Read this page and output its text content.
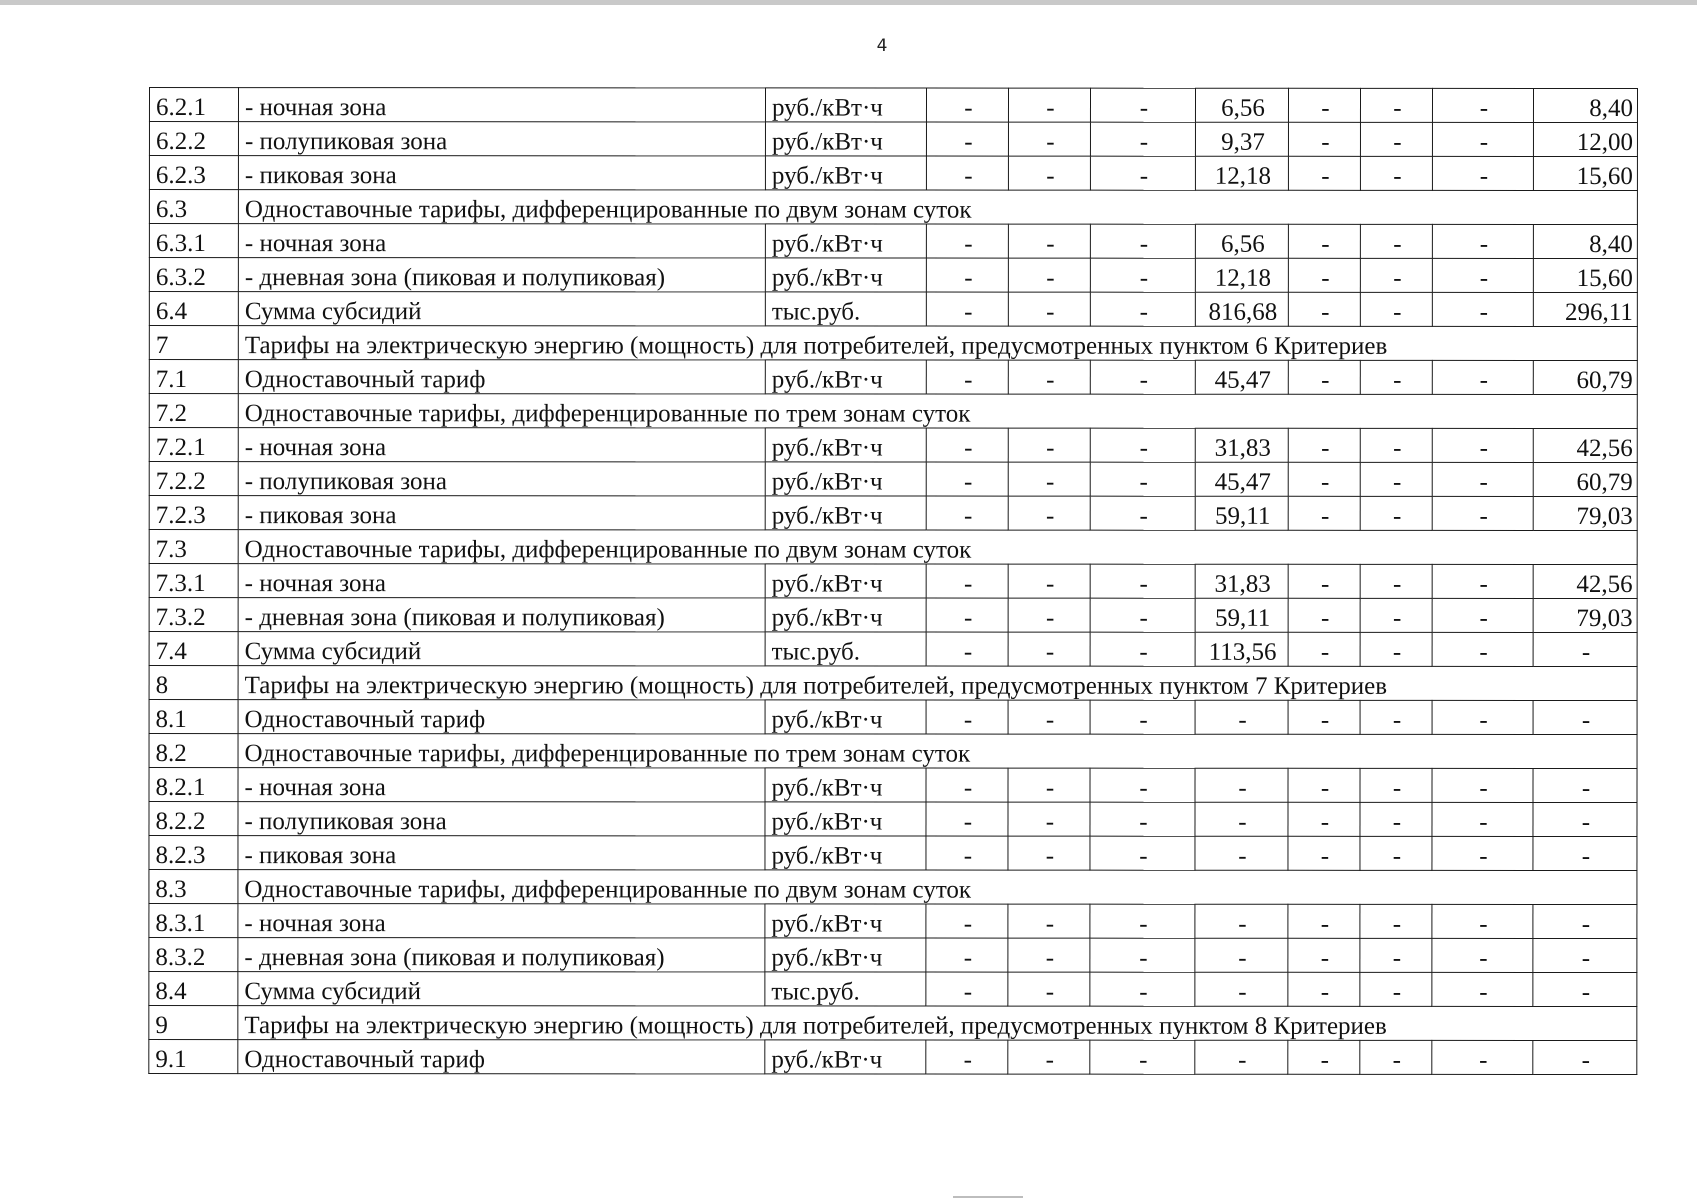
4
6.2.1	- ночная зона	руб./кВт·ч	-	-	-	6,56	-	-	-	8,40
6.2.2	- полупиковая зона	руб./кВт·ч	-	-	-	9,37	-	-	-	12,00
6.2.3	- пиковая зона	руб./кВт·ч	-	-	-	12,18	-	-	-	15,60
6.3	Одноставочные тарифы, дифференцированные по двум зонам суток									
6.3.1	- ночная зона	руб./кВт·ч	-	-	-	6,56	-	-	-	8,40
6.3.2	- дневная зона (пиковая и полупиковая)	руб./кВт·ч	-	-	-	12,18	-	-	-	15,60
6.4	Сумма субсидий	тыс.руб.	-	-	-	816,68	-	-	-	296,11
7	Тарифы на электрическую энергию (мощность) для потребителей, предусмотренных пунктом 6 Критериев									
7.1	Одноставочный тариф	руб./кВт·ч	-	-	-	45,47	-	-	-	60,79
7.2	Одноставочные тарифы, дифференцированные по трем зонам суток									
7.2.1	- ночная зона	руб./кВт·ч	-	-	-	31,83	-	-	-	42,56
7.2.2	- полупиковая зона	руб./кВт·ч	-	-	-	45,47	-	-	-	60,79
7.2.3	- пиковая зона	руб./кВт·ч	-	-	-	59,11	-	-	-	79,03
7.3	Одноставочные тарифы, дифференцированные по двум зонам суток									
7.3.1	- ночная зона	руб./кВт·ч	-	-	-	31,83	-	-	-	42,56
7.3.2	- дневная зона (пиковая и полупиковая)	руб./кВт·ч	-	-	-	59,11	-	-	-	79,03
7.4	Сумма субсидий	тыс.руб.	-	-	-	113,56	-	-	-	-
8	Тарифы на электрическую энергию (мощность) для потребителей, предусмотренных пунктом 7 Критериев									
8.1	Одноставочный тариф	руб./кВт·ч	-	-	-	-	-	-	-	-
8.2	Одноставочные тарифы, дифференцированные по трем зонам суток									
8.2.1	- ночная зона	руб./кВт·ч	-	-	-	-	-	-	-	-
8.2.2	- полупиковая зона	руб./кВт·ч	-	-	-	-	-	-	-	-
8.2.3	- пиковая зона	руб./кВт·ч	-	-	-	-	-	-	-	-
8.3	Одноставочные тарифы, дифференцированные по двум зонам суток									
8.3.1	- ночная зона	руб./кВт·ч	-	-	-	-	-	-	-	-
8.3.2	- дневная зона (пиковая и полупиковая)	руб./кВт·ч	-	-	-	-	-	-	-	-
8.4	Сумма субсидий	тыс.руб.	-	-	-	-	-	-	-	-
9	Тарифы на электрическую энергию (мощность) для потребителей, предусмотренных пунктом 8 Критериев									
9.1	Одноставочный тариф	руб./кВт·ч	-	-	-	-	-	-	-	-
